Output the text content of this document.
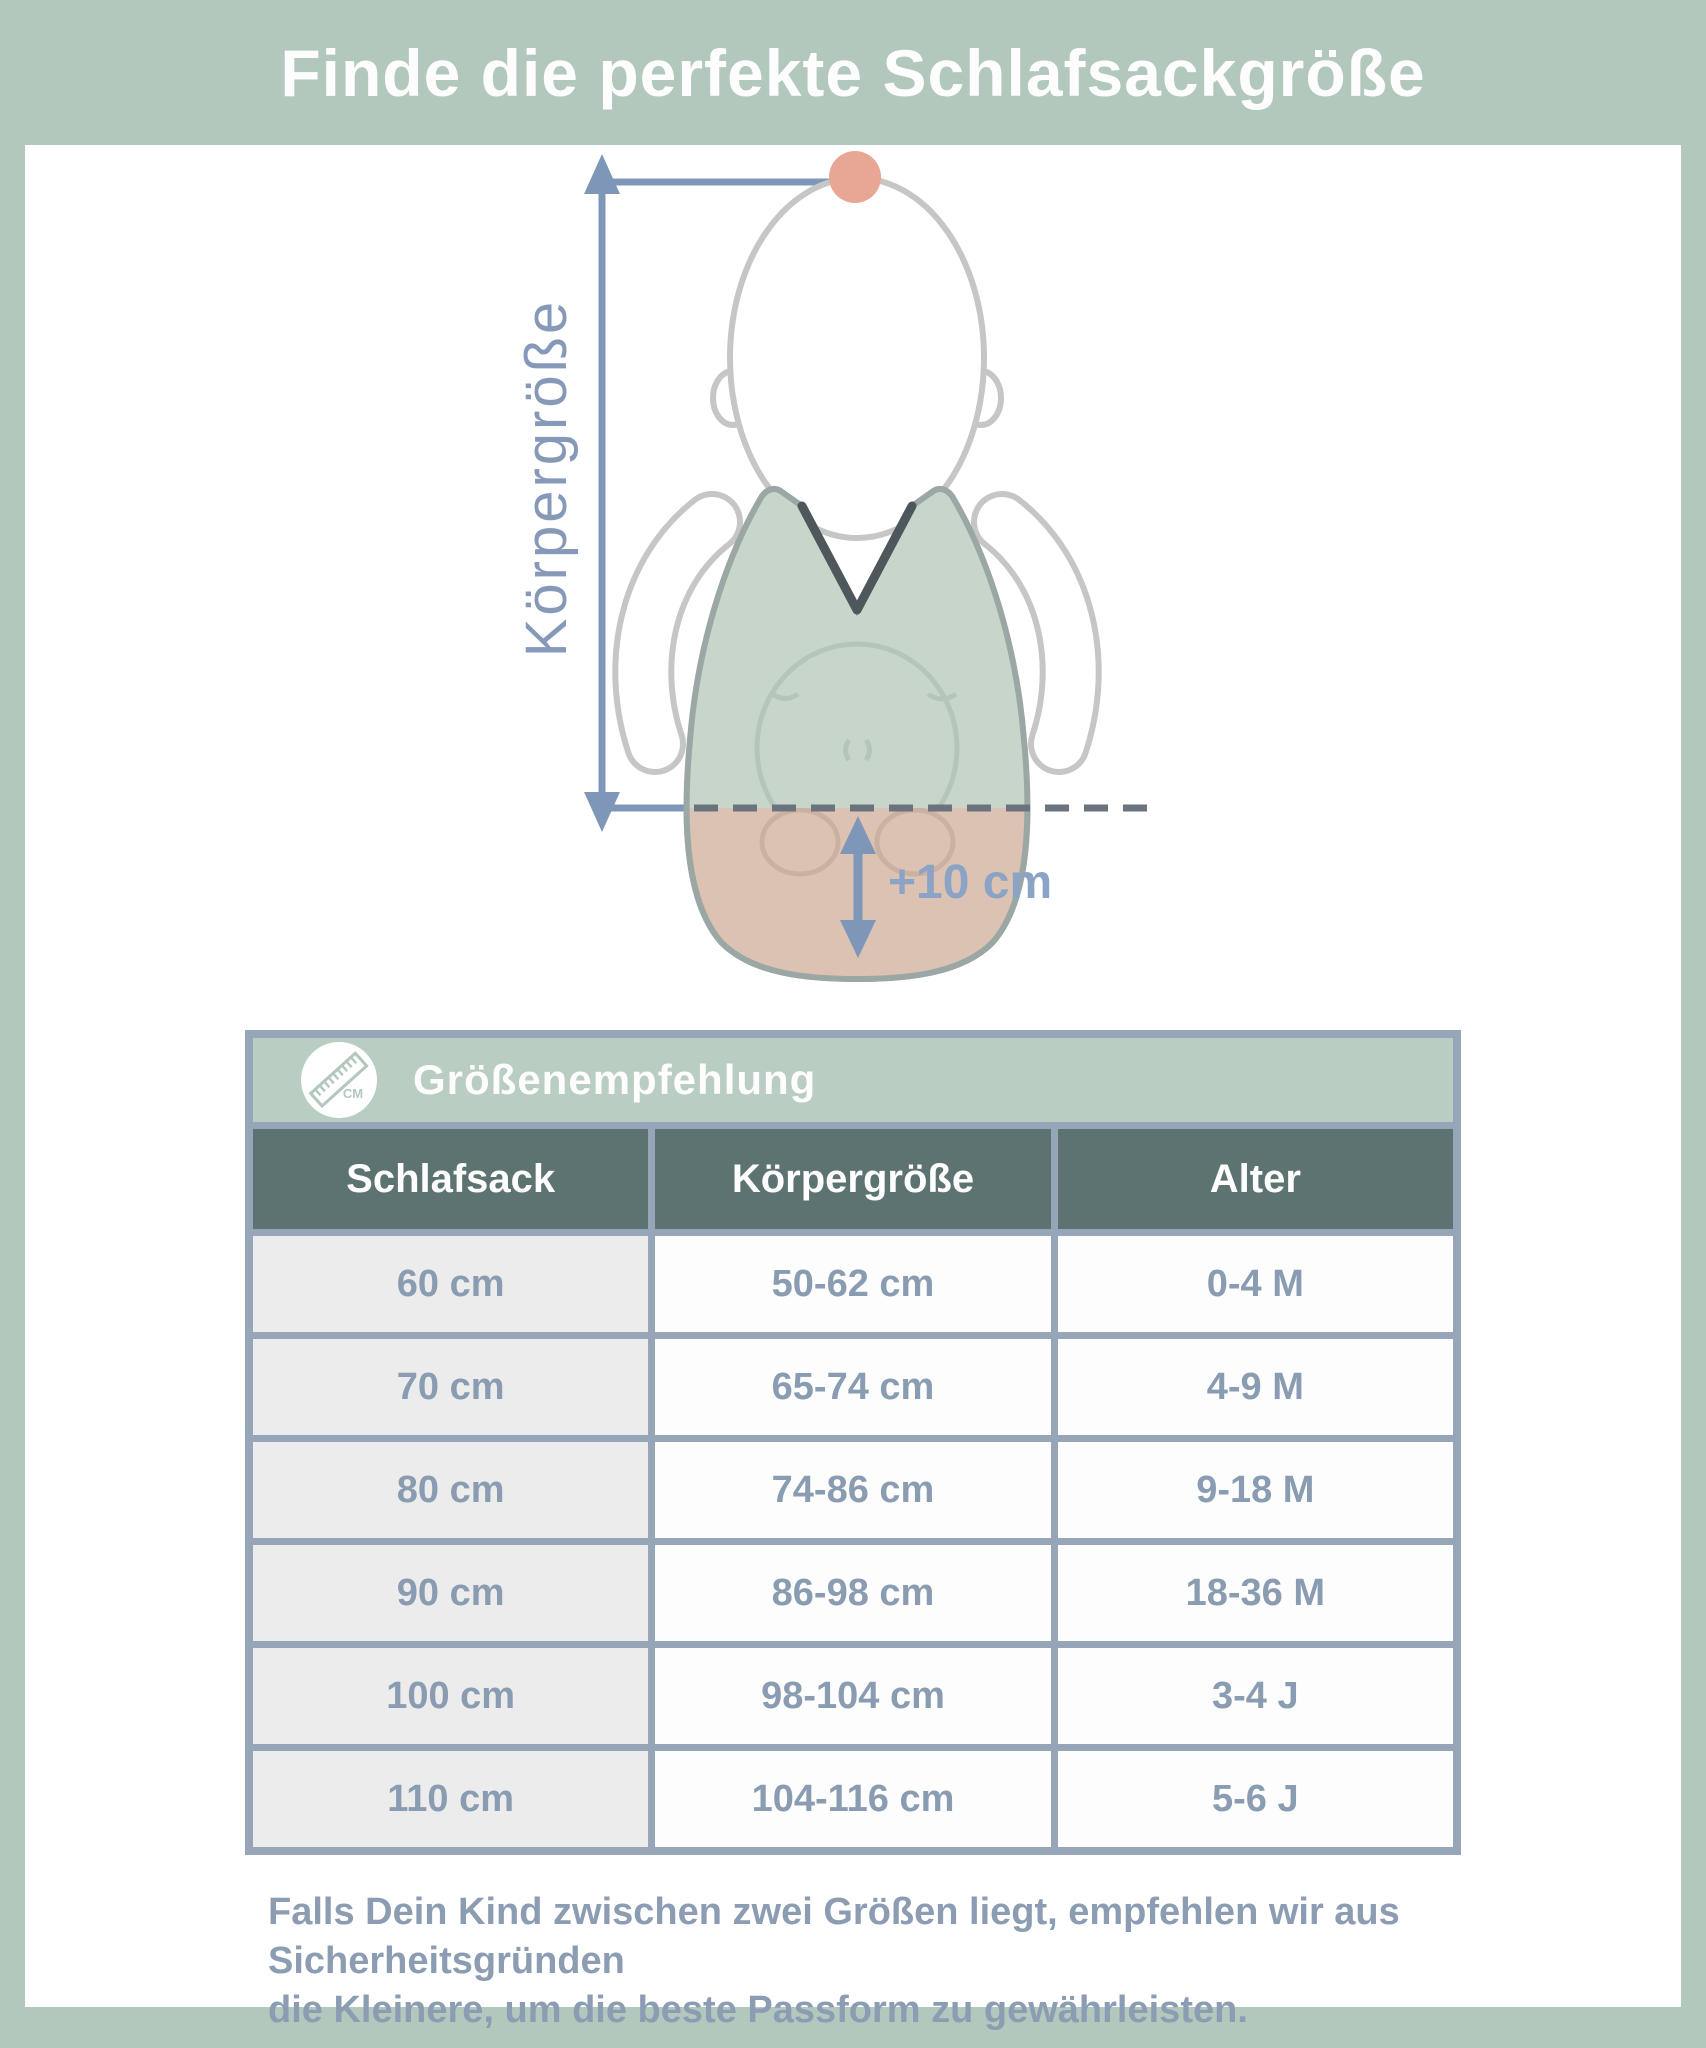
Finde die perfekte Schlafsackgröße
Körpergröße
+10 cm
CM Größenempfehlung
Schlafsack	Körpergröße	Alter
60 cm	50-62 cm	0-4 M
70 cm	65-74 cm	4-9 M
80 cm	74-86 cm	9-18 M
90 cm	86-98 cm	18-36 M
100 cm	98-104 cm	3-4 J
110 cm	104-116 cm	5-6 J
Falls Dein Kind zwischen zwei Größen liegt, empfehlen wir aus Sicherheitsgründen
die Kleinere, um die beste Passform zu gewährleisten.
